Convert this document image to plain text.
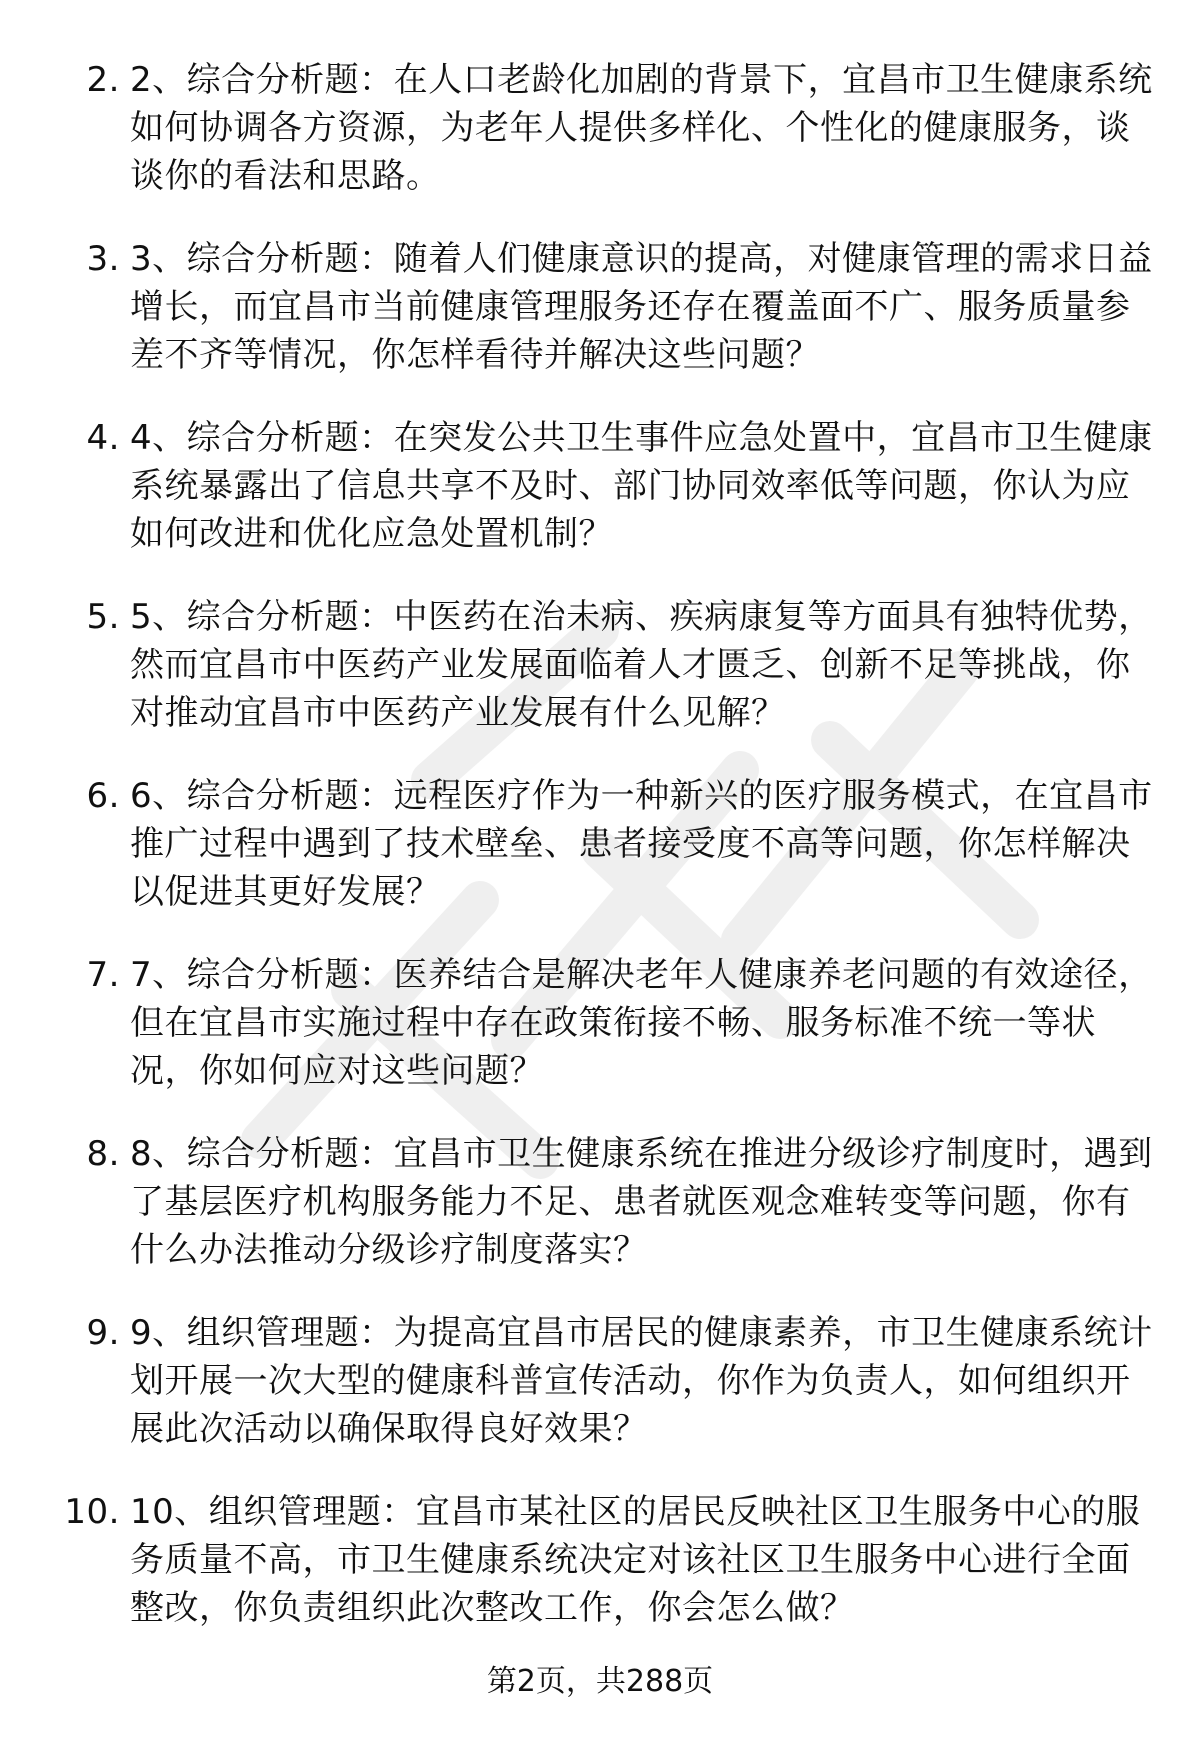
2. 2、综合分析题：在人口老龄化加剧的背景下，宜昌市卫生健康系统如何协调各方资源，为老年人提供多样化、个性化的健康服务，谈谈你的看法和思路。
3. 3、综合分析题：随着人们健康意识的提高，对健康管理的需求日益增长，而宜昌市当前健康管理服务还存在覆盖面不广、服务质量参差不齐等情况，你怎样看待并解决这些问题？
4. 4、综合分析题：在突发公共卫生事件应急处置中，宜昌市卫生健康系统暴露出了信息共享不及时、部门协同效率低等问题，你认为应如何改进和优化应急处置机制？
5. 5、综合分析题：中医药在治未病、疾病康复等方面具有独特优势，然而宜昌市中医药产业发展面临着人才匮乏、创新不足等挑战，你对推动宜昌市中医药产业发展有什么见解？
6. 6、综合分析题：远程医疗作为一种新兴的医疗服务模式，在宜昌市推广过程中遇到了技术壁垒、患者接受度不高等问题，你怎样解决以促进其更好发展？
7. 7、综合分析题：医养结合是解决老年人健康养老问题的有效途径，但在宜昌市实施过程中存在政策衔接不畅、服务标准不统一等状况，你如何应对这些问题？
8. 8、综合分析题：宜昌市卫生健康系统在推进分级诊疗制度时，遇到了基层医疗机构服务能力不足、患者就医观念难转变等问题，你有什么办法推动分级诊疗制度落实？
9. 9、组织管理题：为提高宜昌市居民的健康素养，市卫生健康系统计划开展一次大型的健康科普宣传活动，你作为负责人，如何组织开展此次活动以确保取得良好效果？
10. 10、组织管理题：宜昌市某社区的居民反映社区卫生服务中心的服务质量不高，市卫生健康系统决定对该社区卫生服务中心进行全面整改，你负责组织此次整改工作，你会怎么做？
第2页，共288页
